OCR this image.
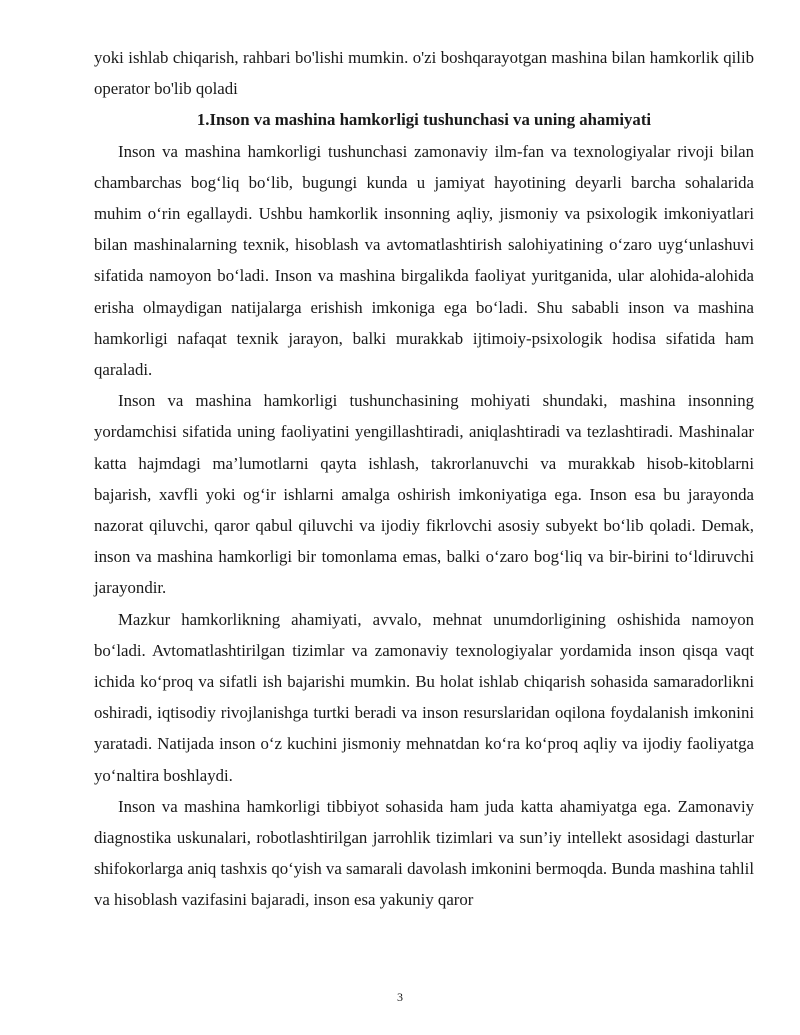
yoki ishlab chiqarish, rahbari bo'lishi mumkin. o'zi boshqarayotgan mashina bilan hamkorlik qilib operator bo'lib qoladi

1.Inson va mashina hamkorligi tushunchasi va uning ahamiyati

Inson va mashina hamkorligi tushunchasi zamonaviy ilm-fan va texnologiyalar rivoji bilan chambarchas bog‘liq bo‘lib, bugungi kunda u jamiyat hayotining deyarli barcha sohalarida muhim o‘rin egallaydi. Ushbu hamkorlik insonning aqliy, jismoniy va psixologik imkoniyatlari bilan mashinalarning texnik, hisoblash va avtomatlashtirish salohiyatining o‘zaro uyg‘unlashuvi sifatida namoyon bo‘ladi. Inson va mashina birgalikda faoliyat yuritganida, ular alohida-alohida erisha olmaydigan natijalarga erishish imkoniga ega bo‘ladi. Shu sababli inson va mashina hamkorligi nafaqat texnik jarayon, balki murakkab ijtimoiy-psixologik hodisa sifatida ham qaraladi.

Inson va mashina hamkorligi tushunchasining mohiyati shundaki, mashina insonning yordamchisi sifatida uning faoliyatini yengillashtiradi, aniqlashtiradi va tezlashtiradi. Mashinalar katta hajmdagi ma’lumotlarni qayta ishlash, takrorlanuvchi va murakkab hisob-kitoblarni bajarish, xavfli yoki og‘ir ishlarni amalga oshirish imkoniyatiga ega. Inson esa bu jarayonda nazorat qiluvchi, qaror qabul qiluvchi va ijodiy fikrlovchi asosiy subyekt bo‘lib qoladi. Demak, inson va mashina hamkorligi bir tomonlama emas, balki o‘zaro bog‘liq va bir-birini to‘ldiruvchi jarayondir.

Mazkur hamkorlikning ahamiyati, avvalo, mehnat unumdorligining oshishida namoyon bo‘ladi. Avtomatlashtirilgan tizimlar va zamonaviy texnologiyalar yordamida inson qisqa vaqt ichida ko‘proq va sifatli ish bajarishi mumkin. Bu holat ishlab chiqarish sohasida samaradorlikni oshiradi, iqtisodiy rivojlanishga turtki beradi va inson resurslaridan oqilona foydalanish imkonini yaratadi. Natijada inson o‘z kuchini jismoniy mehnatdan ko‘ra ko‘proq aqliy va ijodiy faoliyatga yo‘naltira boshlaydi.

Inson va mashina hamkorligi tibbiyot sohasida ham juda katta ahamiyatga ega. Zamonaviy diagnostika uskunalari, robotlashtirilgan jarrohlik tizimlari va sun’iy intellekt asosidagi dasturlar shifokorlarga aniq tashxis qo‘yish va samarali davolash imkonini bermoqda. Bunda mashina tahlil va hisoblash vazifasini bajaradi, inson esa yakuniy qaror

3
